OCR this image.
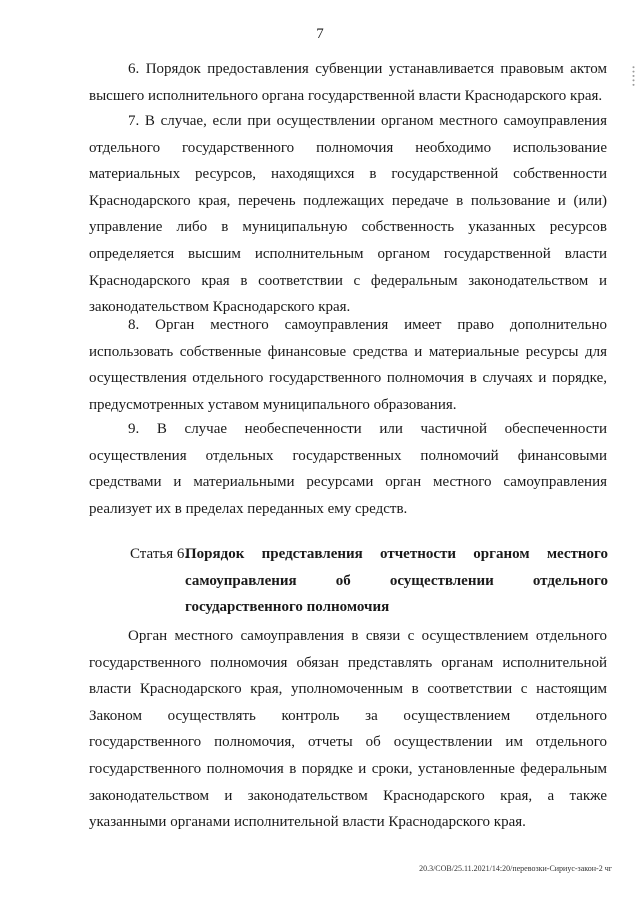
7

6. Порядок предоставления субвенции устанавливается правовым актом высшего исполнительного органа государственной власти Краснодарского края.

7. В случае, если при осуществлении органом местного самоуправления отдельного государственного полномочия необходимо использование материальных ресурсов, находящихся в государственной собственности Краснодарского края, перечень подлежащих передаче в пользование и (или) управление либо в муниципальную собственность указанных ресурсов определяется высшим исполнительным органом государственной власти Краснодарского края в соответствии с федеральным законодательством и законодательством Краснодарского края.

8. Орган местного самоуправления имеет право дополнительно использовать собственные финансовые средства и материальные ресурсы для осуществления отдельного государственного полномочия в случаях и порядке, предусмотренных уставом муниципального образования.

9. В случае необеспеченности или частичной обеспеченности осуществления отдельных государственных полномочий финансовыми средствами и материальными ресурсами орган местного самоуправления реализует их в пределах переданных ему средств.

Статья 6.
Порядок представления отчетности органом местного самоуправления об осуществлении отдельного государственного полномочия

Орган местного самоуправления в связи с осуществлением отдельного государственного полномочия обязан представлять органам исполнительной власти Краснодарского края, уполномоченным в соответствии с настоящим Законом осуществлять контроль за осуществлением отдельного государственного полномочия, отчеты об осуществлении им отдельного государственного полномочия в порядке и сроки, установленные федеральным законодательством и законодательством Краснодарского края, а также указанными органами исполнительной власти Краснодарского края.

• • • • •
20.3/СОВ/25.11.2021/14:20/перевозки-Сириус-закон-2 чг
